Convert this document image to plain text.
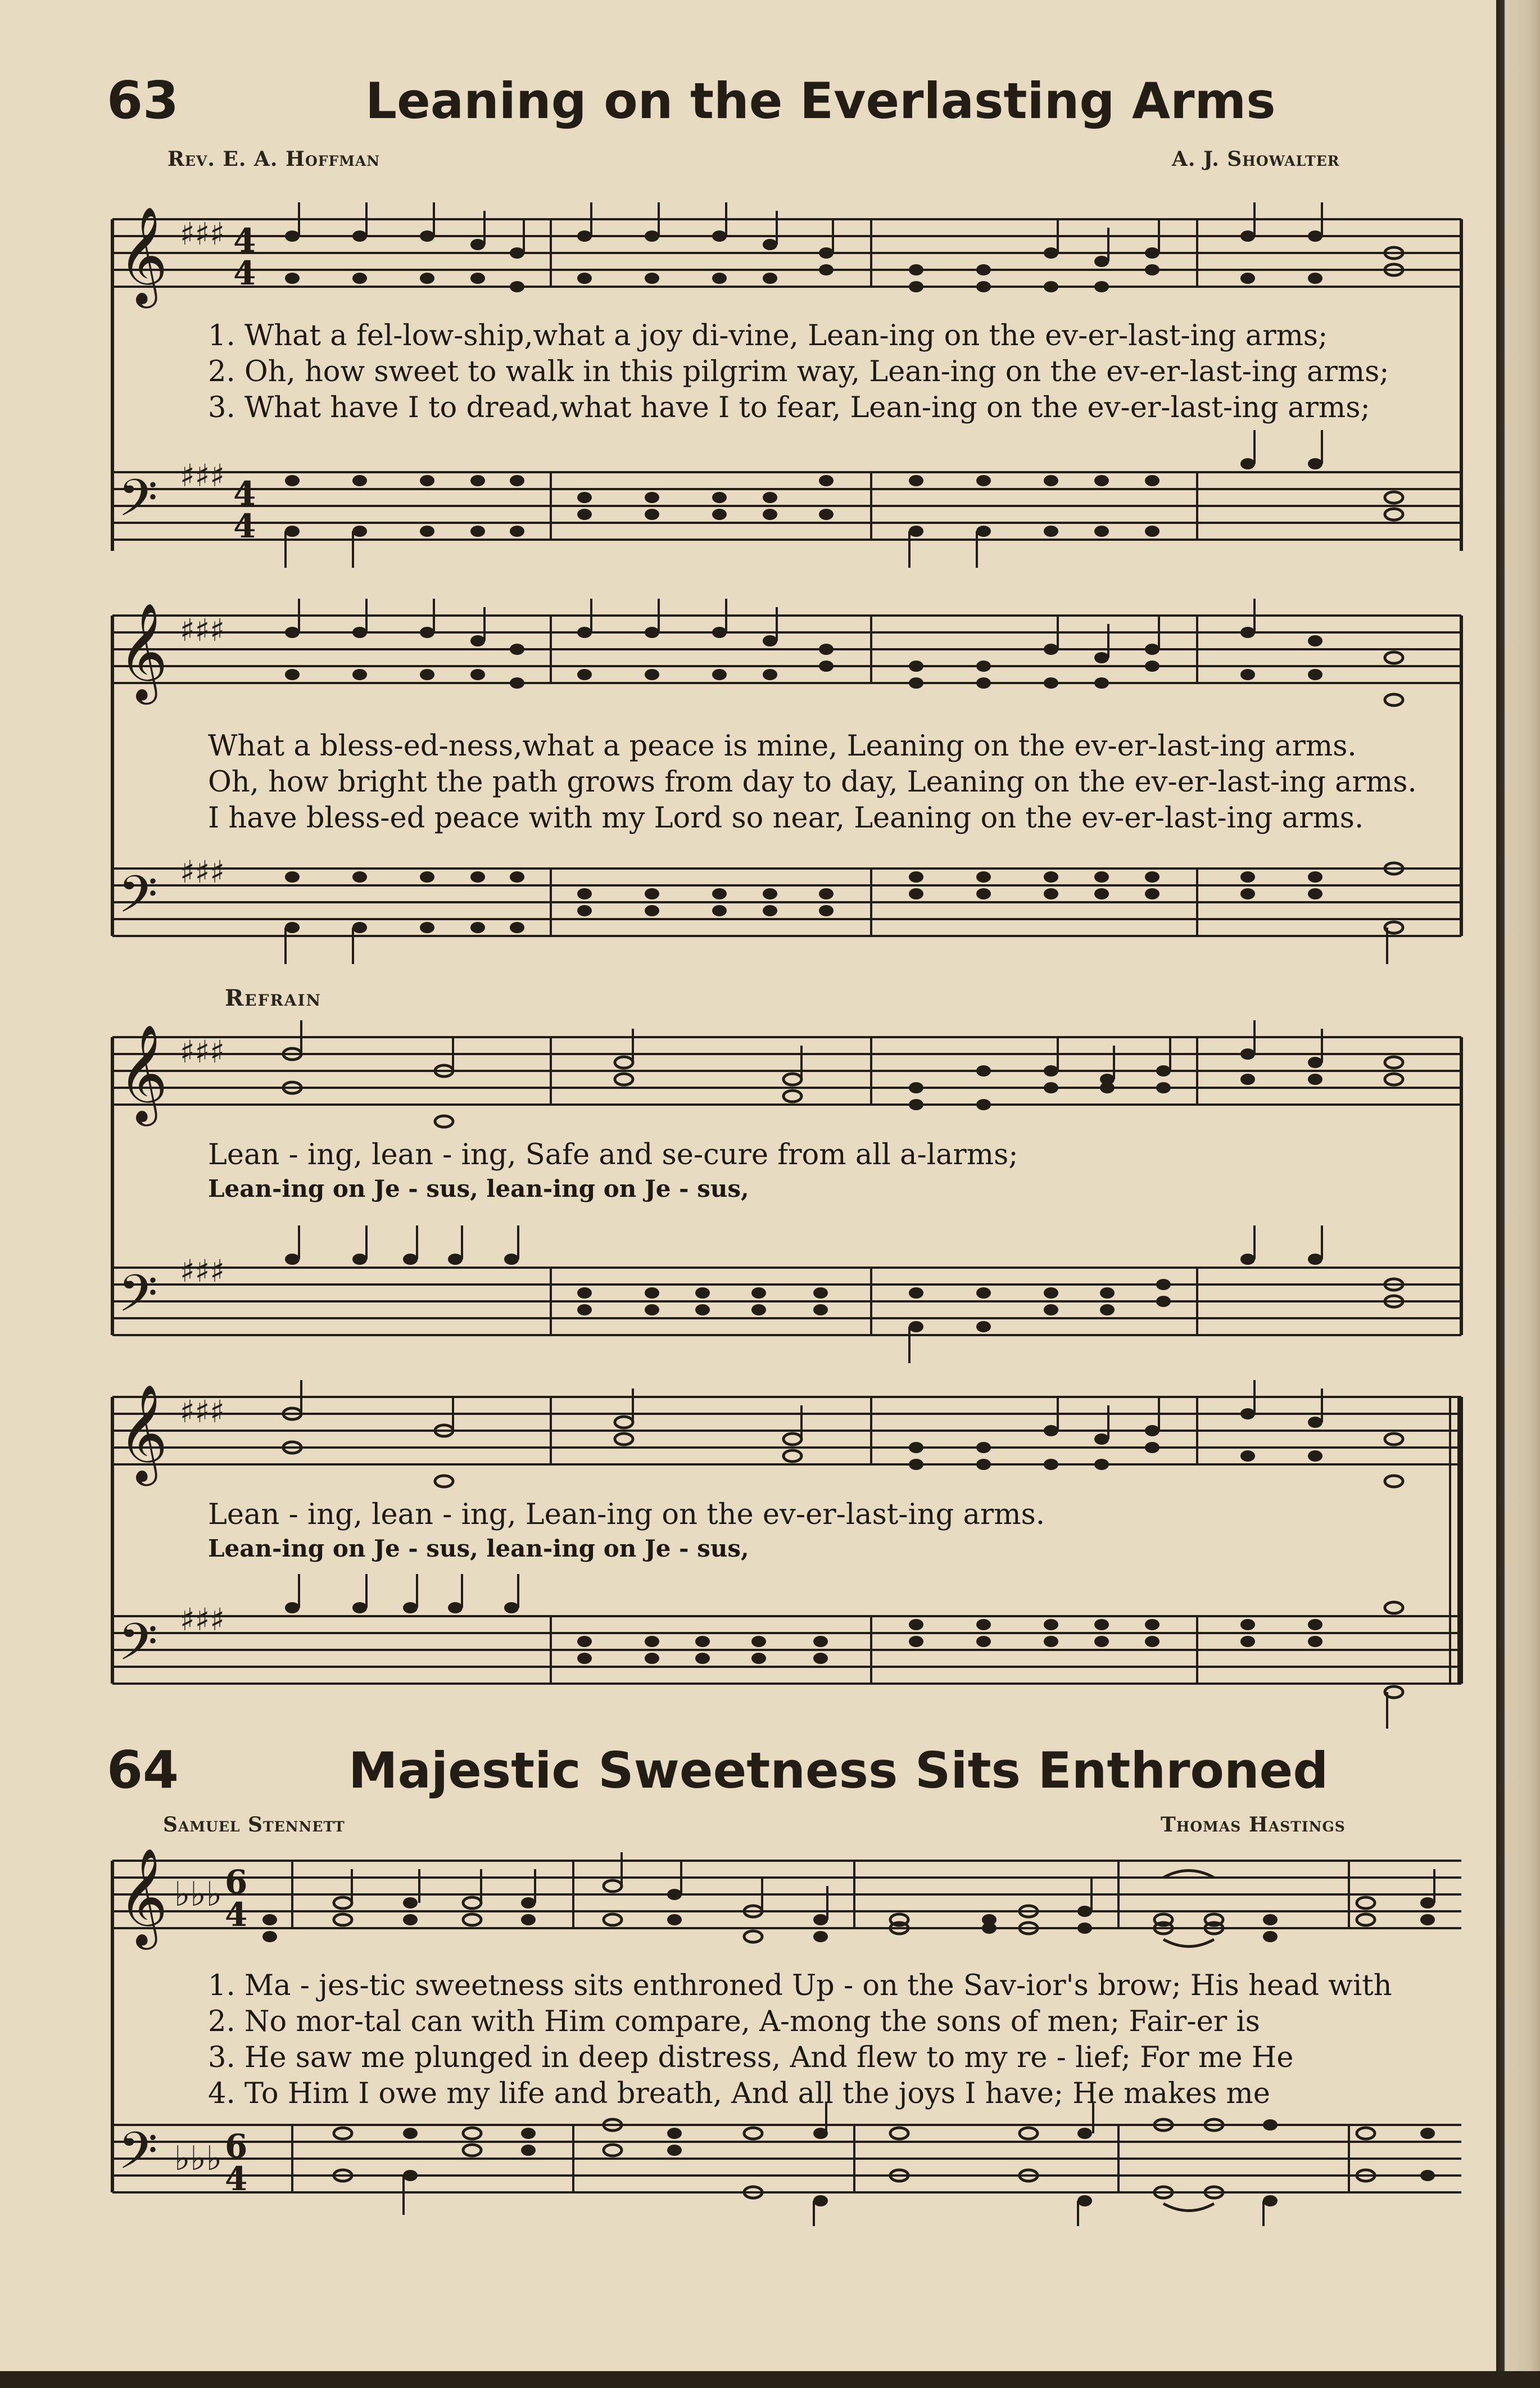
63	Leaning on the Everlasting Arms
Rev. E. A. Hoffman	A. J. Showalter
𝄞
𝄢
♯♯♯
♯♯♯
4
4
4
4
1. What a fel-low-ship,what a joy di-vine, Lean-ing on the ev-er-last-ing arms;
2. Oh, how sweet to walk in this pilgrim way, Lean-ing on the ev-er-last-ing arms;
3. What have I to dread,what have I to fear, Lean-ing on the ev-er-last-ing arms;
𝄞
𝄢
♯♯♯
♯♯♯
What a bless-ed-ness,what a peace is mine, Leaning on the ev-er-last-ing arms.
Oh, how bright the path grows from day to day, Leaning on the ev-er-last-ing arms.
I have bless-ed peace with my Lord so near, Leaning on the ev-er-last-ing arms.
Refrain
𝄞
𝄢
♯♯♯
♯♯♯
Lean - ing, lean - ing, Safe and se-cure from all a-larms;
Lean-ing on Je - sus, lean-ing on Je - sus,
𝄞
𝄢
♯♯♯
♯♯♯
Lean - ing, lean - ing, Lean-ing on the ev-er-last-ing arms.
Lean-ing on Je - sus, lean-ing on Je - sus,
64	Majestic Sweetness Sits Enthroned
Samuel Stennett	Thomas Hastings
𝄞
𝄢
♭♭♭
♭♭♭
6
4
6
4
1. Ma - jes-tic sweetness sits enthroned Up - on the Sav-ior's brow; His head with
2. No mor-tal can with Him compare, A-mong the sons of men; Fair-er is
3. He saw me plunged in deep distress, And flew to my re - lief; For me He
4. To Him I owe my life and breath, And all the joys I have; He makes me
